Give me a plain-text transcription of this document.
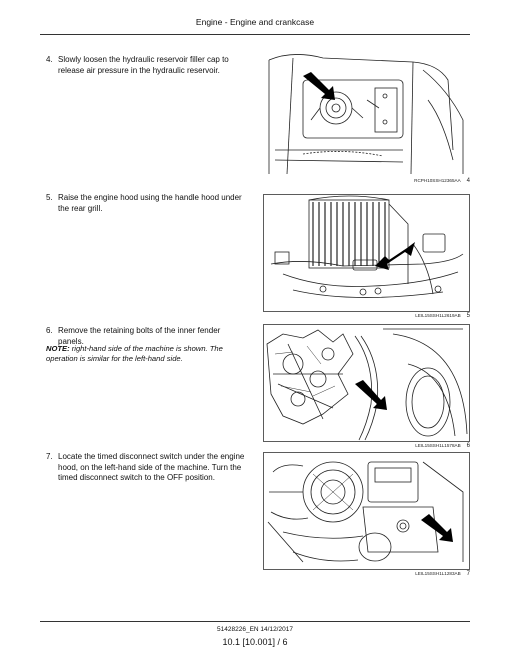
Engine - Engine and crankcase
4. Slowly loosen the hydraulic reservoir filler cap to release air pressure in the hydraulic reservoir.
RCPH10SSH12365AA 4
5. Raise the engine hood using the handle hood under the rear grill.
LEIL15SSH1L2619AB 5
6. Remove the retaining bolts of the inner fender panels.
NOTE: right-hand side of the machine is shown. The operation is similar for the left-hand side.
LEIL15SSH1L1578AB 6
7. Locate the timed disconnect switch under the engine hood, on the left-hand side of the machine. Turn the timed disconnect switch to the OFF position.
LEIL15SSH1L1283AB 7
51428226_EN 14/12/2017
10.1 [10.001] / 6
